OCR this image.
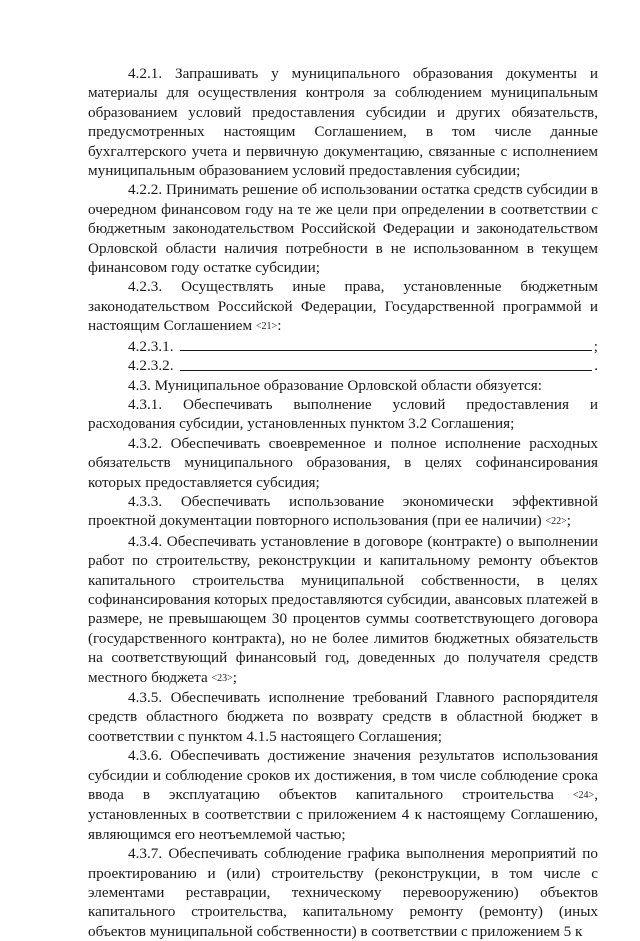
4.2.1. Запрашивать у муниципального образования документы и материалы для осуществления контроля за соблюдением муниципальным образованием условий предоставления субсидии и других обязательств, предусмотренных настоящим Соглашением, в том числе данные бухгалтерского учета и первичную документацию, связанные с исполнением муниципальным образованием условий предоставления субсидии;

4.2.2. Принимать решение об использовании остатка средств субсидии в очередном финансовом году на те же цели при определении в соответствии с бюджетным законодательством Российской Федерации и законодательством Орловской области наличия потребности в не использованном в текущем финансовом году остатке субсидии;

4.2.3. Осуществлять иные права, установленные бюджетным законодательством Российской Федерации, Государственной программой и настоящим Соглашением <21>:

4.2.3.1.	;
4.2.3.2.	.

4.3. Муниципальное образование Орловской области обязуется:

4.3.1. Обеспечивать выполнение условий предоставления и расходования субсидии, установленных пунктом 3.2 Соглашения;

4.3.2. Обеспечивать своевременное и полное исполнение расходных обязательств муниципального образования, в целях софинансирования которых предоставляется субсидия;

4.3.3. Обеспечивать использование экономически эффективной проектной документации повторного использования (при ее наличии) <22>;

4.3.4. Обеспечивать установление в договоре (контракте) о выполнении работ по строительству, реконструкции и капитальному ремонту объектов капитального строительства муниципальной собственности, в целях софинансирования которых предоставляются субсидии, авансовых платежей в размере, не превышающем 30 процентов суммы соответствующего договора (государственного контракта), но не более лимитов бюджетных обязательств на соответствующий финансовый год, доведенных до получателя средств местного бюджета <23>;

4.3.5. Обеспечивать исполнение требований Главного распорядителя средств областного бюджета по возврату средств в областной бюджет в соответствии с пунктом 4.1.5 настоящего Соглашения;

4.3.6. Обеспечивать достижение значения результатов использования субсидии и соблюдение сроков их достижения, в том числе соблюдение срока ввода в эксплуатацию объектов капитального строительства <24>, установленных в соответствии с приложением 4 к настоящему Соглашению, являющимся его неотъемлемой частью;

4.3.7. Обеспечивать соблюдение графика выполнения мероприятий по проектированию и (или) строительству (реконструкции, в том числе с элементами реставрации, техническому перевооружению) объектов капитального строительства, капитальному ремонту (ремонту) (иных объектов муниципальной собственности) в соответствии с приложением 5 к
